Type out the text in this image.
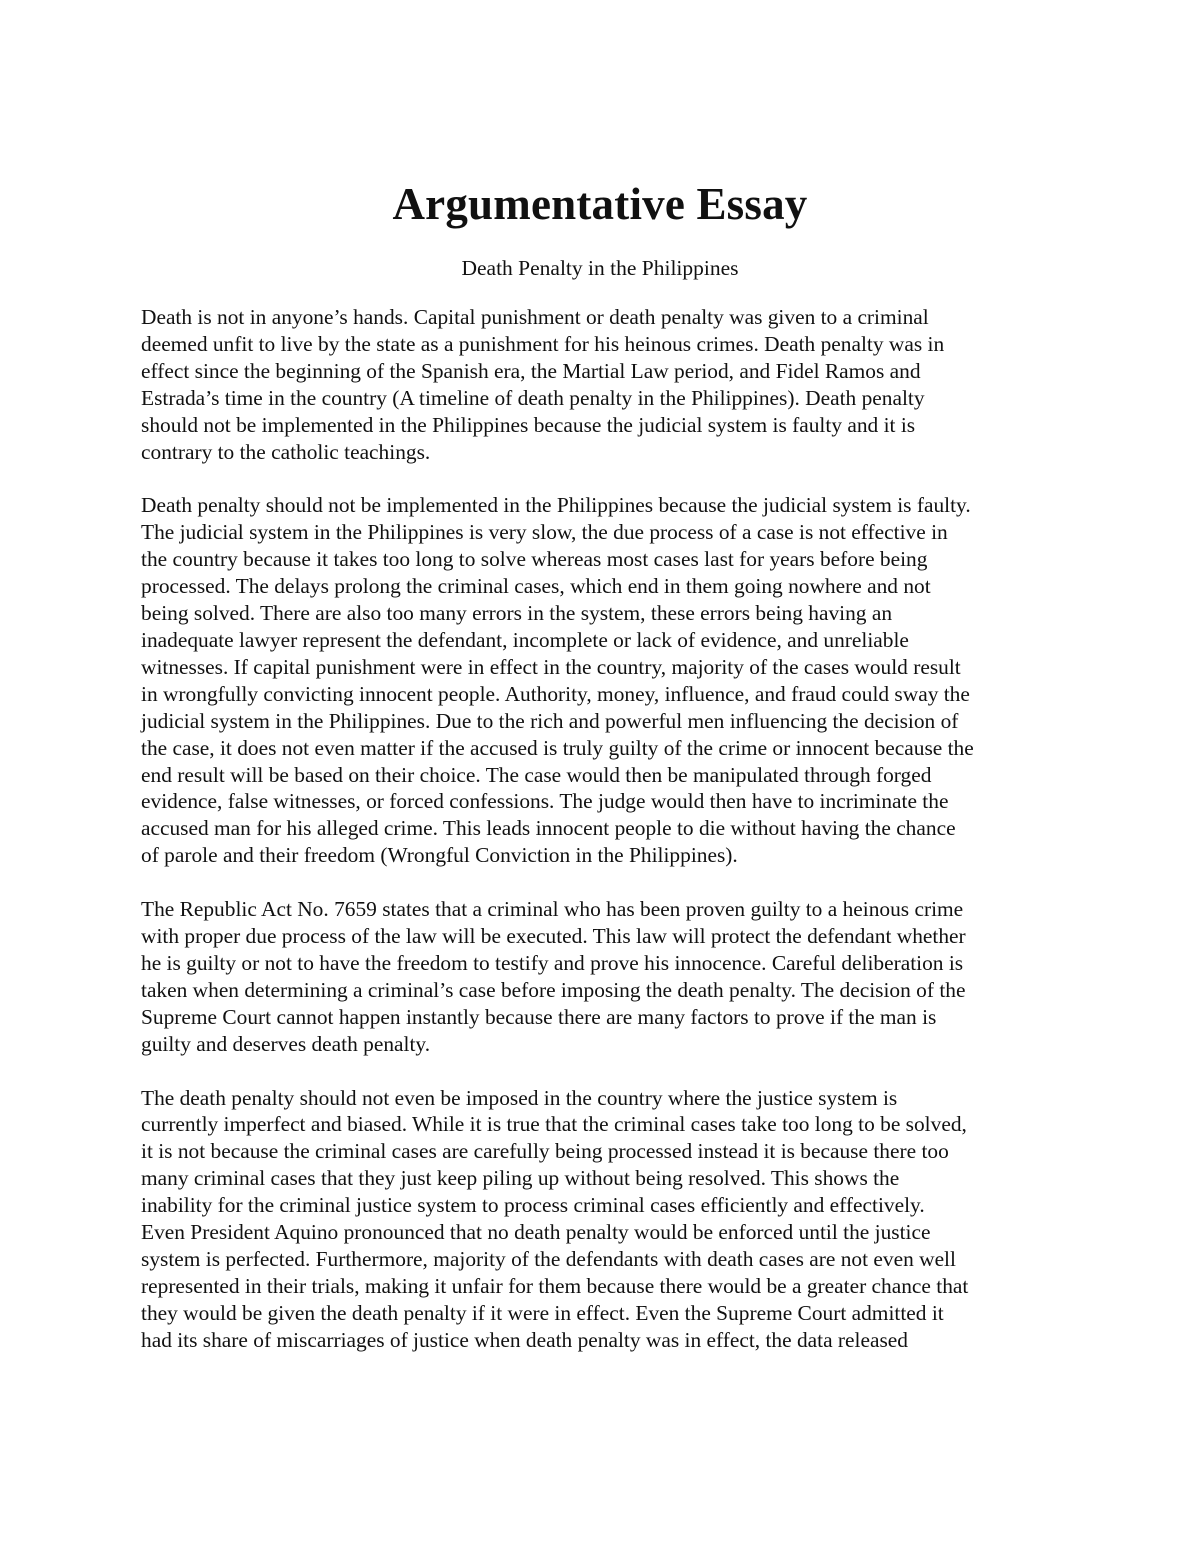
Argumentative Essay

Death Penalty in the Philippines

Death is not in anyone’s hands. Capital punishment or death penalty was given to a criminal
deemed unfit to live by the state as a punishment for his heinous crimes. Death penalty was in
effect since the beginning of the Spanish era, the Martial Law period, and Fidel Ramos and
Estrada’s time in the country (A timeline of death penalty in the Philippines). Death penalty
should not be implemented in the Philippines because the judicial system is faulty and it is
contrary to the catholic teachings.

Death penalty should not be implemented in the Philippines because the judicial system is faulty.
The judicial system in the Philippines is very slow, the due process of a case is not effective in
the country because it takes too long to solve whereas most cases last for years before being
processed. The delays prolong the criminal cases, which end in them going nowhere and not
being solved. There are also too many errors in the system, these errors being having an
inadequate lawyer represent the defendant, incomplete or lack of evidence, and unreliable
witnesses. If capital punishment were in effect in the country, majority of the cases would result
in wrongfully convicting innocent people. Authority, money, influence, and fraud could sway the
judicial system in the Philippines. Due to the rich and powerful men influencing the decision of
the case, it does not even matter if the accused is truly guilty of the crime or innocent because the
end result will be based on their choice. The case would then be manipulated through forged
evidence, false witnesses, or forced confessions. The judge would then have to incriminate the
accused man for his alleged crime. This leads innocent people to die without having the chance
of parole and their freedom (Wrongful Conviction in the Philippines).

The Republic Act No. 7659 states that a criminal who has been proven guilty to a heinous crime
with proper due process of the law will be executed. This law will protect the defendant whether
he is guilty or not to have the freedom to testify and prove his innocence. Careful deliberation is
taken when determining a criminal’s case before imposing the death penalty. The decision of the
Supreme Court cannot happen instantly because there are many factors to prove if the man is
guilty and deserves death penalty.

The death penalty should not even be imposed in the country where the justice system is
currently imperfect and biased. While it is true that the criminal cases take too long to be solved,
it is not because the criminal cases are carefully being processed instead it is because there too
many criminal cases that they just keep piling up without being resolved. This shows the
inability for the criminal justice system to process criminal cases efficiently and effectively.
Even President Aquino pronounced that no death penalty would be enforced until the justice
system is perfected. Furthermore, majority of the defendants with death cases are not even well
represented in their trials, making it unfair for them because there would be a greater chance that
they would be given the death penalty if it were in effect. Even the Supreme Court admitted it
had its share of miscarriages of justice when death penalty was in effect, the data released
